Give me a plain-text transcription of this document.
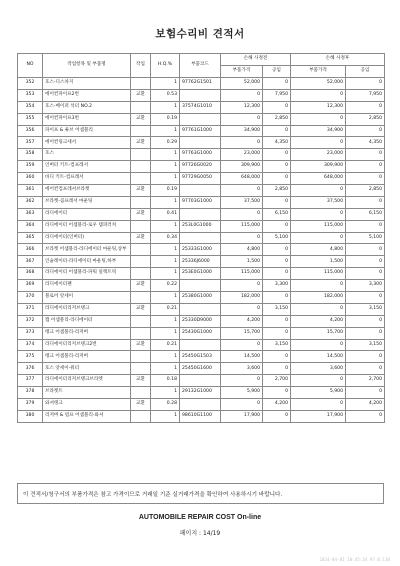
보험수리비 견적서
NO	작업항목 및 부품명	작업	H.Q.%	부품코드	손해 사정전		손해 사정후	
					부품가격	공임	부품가격	공임
352	호스-디스차지		1	97762G1501	52,000	0	52,000	0
353	에어컨파이프2번	교환	0.53		0	7,950	0	7,950
354	호스-베이퍼 석터 NO.2		1	37574G1010	12,300	0	12,300	0
355	에어컨파이프3번	교환	0.19		0	2,850	0	2,850
356	파이프 & 튜브 어셈블리		1	97761G1000	34,900	0	34,900	0
357	에어컨링크세서	교환	0.29		0	4,350	0	4,350
358	호스		1	97763G1000	23,000	0	23,000	0
359	인버터 키트-컴프레서		1	97726G0020	309,900	0	309,900	0
360	바디 키트-컴프레서		1	97729G0050	648,000	0	648,000	0
361	에어컨컴프레셔브라켓	교환	0.19		0	2,850	0	2,850
362	브라켓-콤프레서 마운팅		1	97703G1000	37,500	0	37,500	0
363	라디에이터	교환	0.41		0	6,150	0	6,150
364	라디에이터 어셈블리-로우 템퍼러쳐		1	253L0G1000	115,000	0	115,000	0
365	라디에이터(인버터)	교환	0.34		0	5,100	0	5,100
366	브라켓 어셈블리-라디에이터 마운팅,상부		1	25333G1000	4,800	0	4,800	0
367	인슐레이터-라디에이터 마운팅,하부		1	25336J6000	1,500	0	1,500	0
368	라디에이터 어셈블리-파워 일렉트릭		1	253E0G1000	115,000	0	115,000	0
369	라디에이터팬	교환	0.22		0	3,300	0	3,300
370	블로어 앗세이		1	25380G1000	182,000	0	182,000	0
371	라디에이터리저브탱크	교환	0.21		0	3,150	0	3,150
372	캡 어셈블리-라디에이터		1	25330D9000	4,200	0	4,200	0
373	탱크 어셈블리-리저버		1	25430G1000	15,700	0	15,700	0
374	라디에이터리저브탱크2번	교환	0.21		0	3,150	0	3,150
375	탱크 어셈블리-리저버		1	25450G1503	14,500	0	14,500	0
376	호스 앗세이-워터		1	25450G1600	3,600	0	3,600	0
377	라디에이터리저브탱크브라켓	교환	0.18		0	2,700	0	2,700
378	브라켓트		1	29132G1000	5,900	0	5,900	0
379	와셔탱크	교환	0.28		0	4,200	0	4,200
380	리저버 & 펌프 어셈블리-와셔		1	98610G1100	17,900	0	17,900	0
이 견적서/청구서의 부품가격은 참고 가격이므로 거래일 기준 실거래가격을 확인하여 사용하시기 바랍니다.
AUTOMOBILE REPAIR COST On-line
페이지 : 14/19
2024-04-01 10:45:34 97.0.130
